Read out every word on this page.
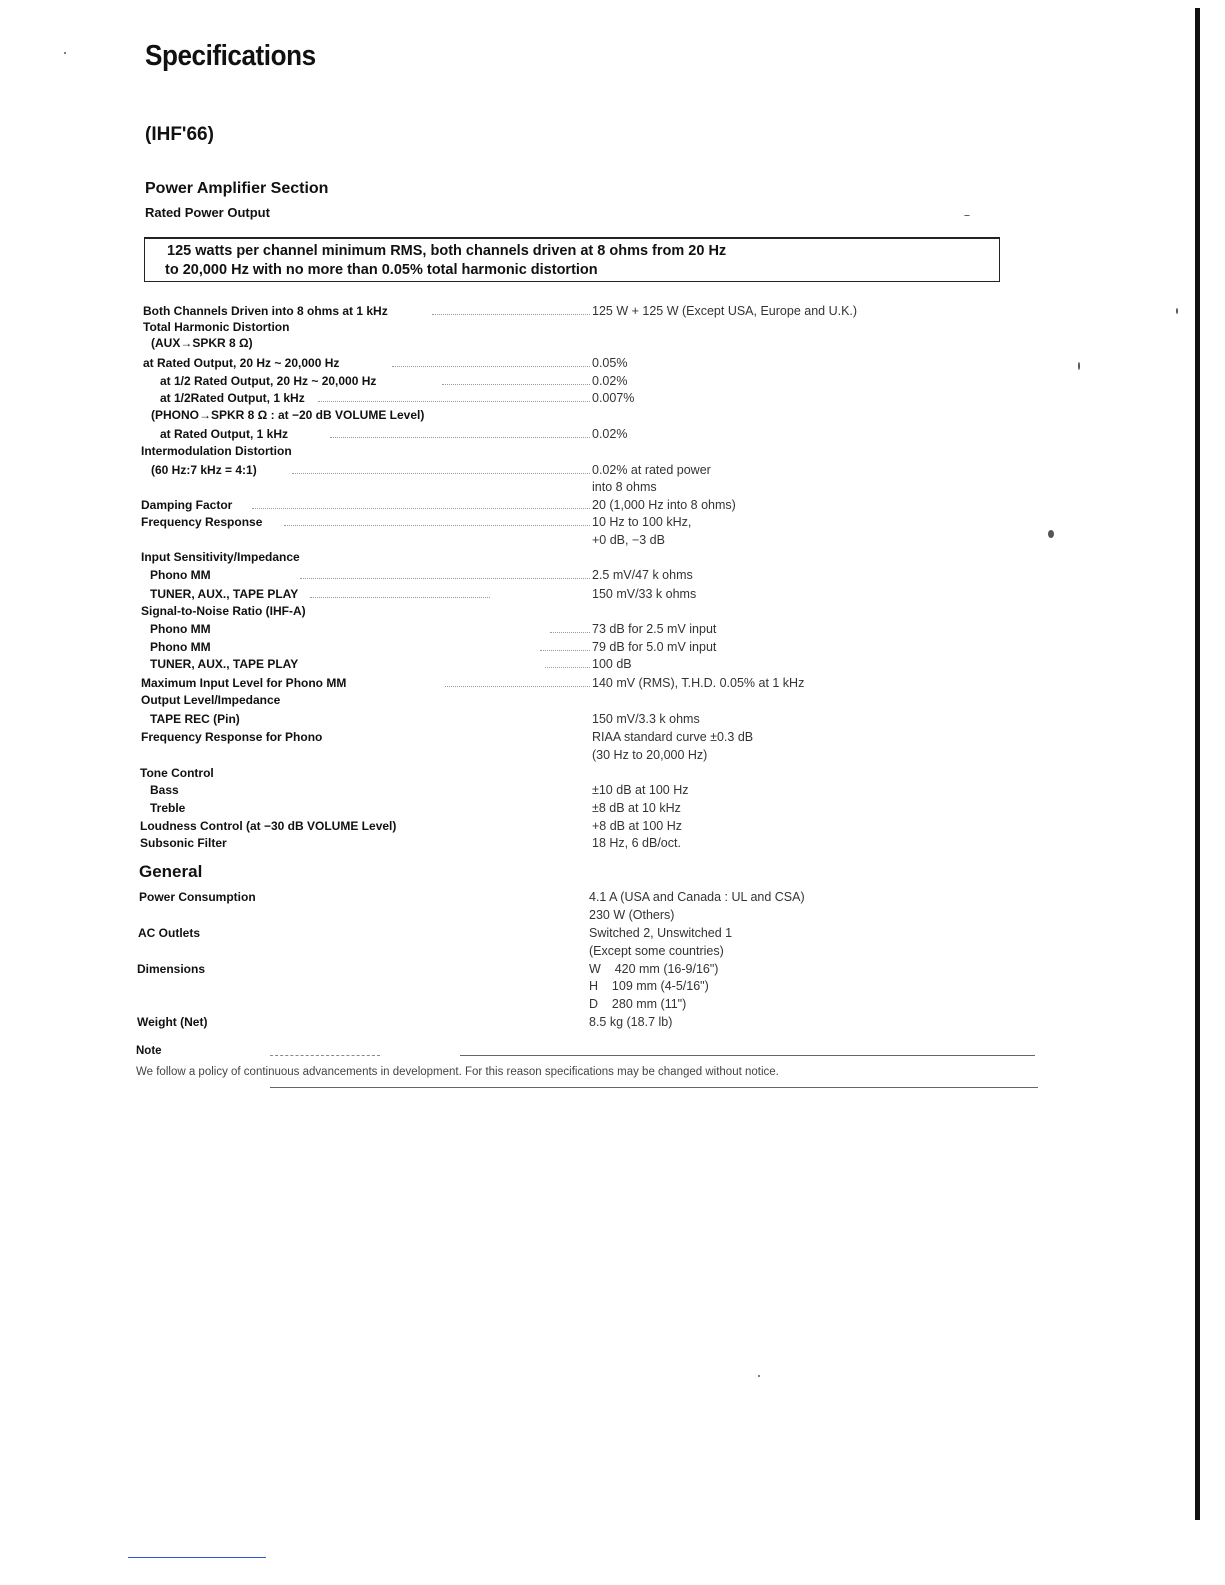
Specifications
(IHF'66)
Power Amplifier Section
Rated Power Output
125 watts per channel minimum RMS, both channels driven at 8 ohms from 20 Hz
to 20,000 Hz with no more than 0.05% total harmonic distortion
Both Channels Driven into 8 ohms at 1 kHz	125 W + 125 W (Except USA, Europe and U.K.)
Total Harmonic Distortion
(AUX→SPKR 8 Ω)
at Rated Output, 20 Hz ~ 20,000 Hz	0.05%
at 1/2 Rated Output, 20 Hz ~ 20,000 Hz	0.02%
at 1/2Rated Output, 1 kHz	0.007%
(PHONO→SPKR 8 Ω : at −20 dB VOLUME Level)
at Rated Output, 1 kHz	0.02%
Intermodulation Distortion
(60 Hz:7 kHz = 4:1)	0.02% at rated power
into 8 ohms
Damping Factor	20 (1,000 Hz into 8 ohms)
Frequency Response	10 Hz to 100 kHz,
+0 dB, −3 dB
Input Sensitivity/Impedance
Phono MM	2.5 mV/47 k ohms
TUNER, AUX., TAPE PLAY	150 mV/33 k ohms
Signal-to-Noise Ratio (IHF-A)
Phono MM	73 dB for 2.5 mV input
Phono MM	79 dB for 5.0 mV input
TUNER, AUX., TAPE PLAY	100 dB
Maximum Input Level for Phono MM	140 mV (RMS), T.H.D. 0.05% at 1 kHz
Output Level/Impedance
TAPE REC (Pin)	150 mV/3.3 k ohms
Frequency Response for Phono	RIAA standard curve ±0.3 dB
(30 Hz to 20,000 Hz)
Tone Control
Bass	±10 dB at 100 Hz
Treble	±8 dB at 10 kHz
Loudness Control (at −30 dB VOLUME Level)	+8 dB at 100 Hz
Subsonic Filter	18 Hz, 6 dB/oct.
General
Power Consumption	4.1 A (USA and Canada : UL and CSA)
230 W (Others)
AC Outlets	Switched 2, Unswitched 1
(Except some countries)
Dimensions	W    420 mm (16-9/16")
H    109 mm (4-5/16")
D    280 mm (11")
Weight (Net)	8.5 kg (18.7 lb)
Note
We follow a policy of continuous advancements in development. For this reason specifications may be changed without notice.
